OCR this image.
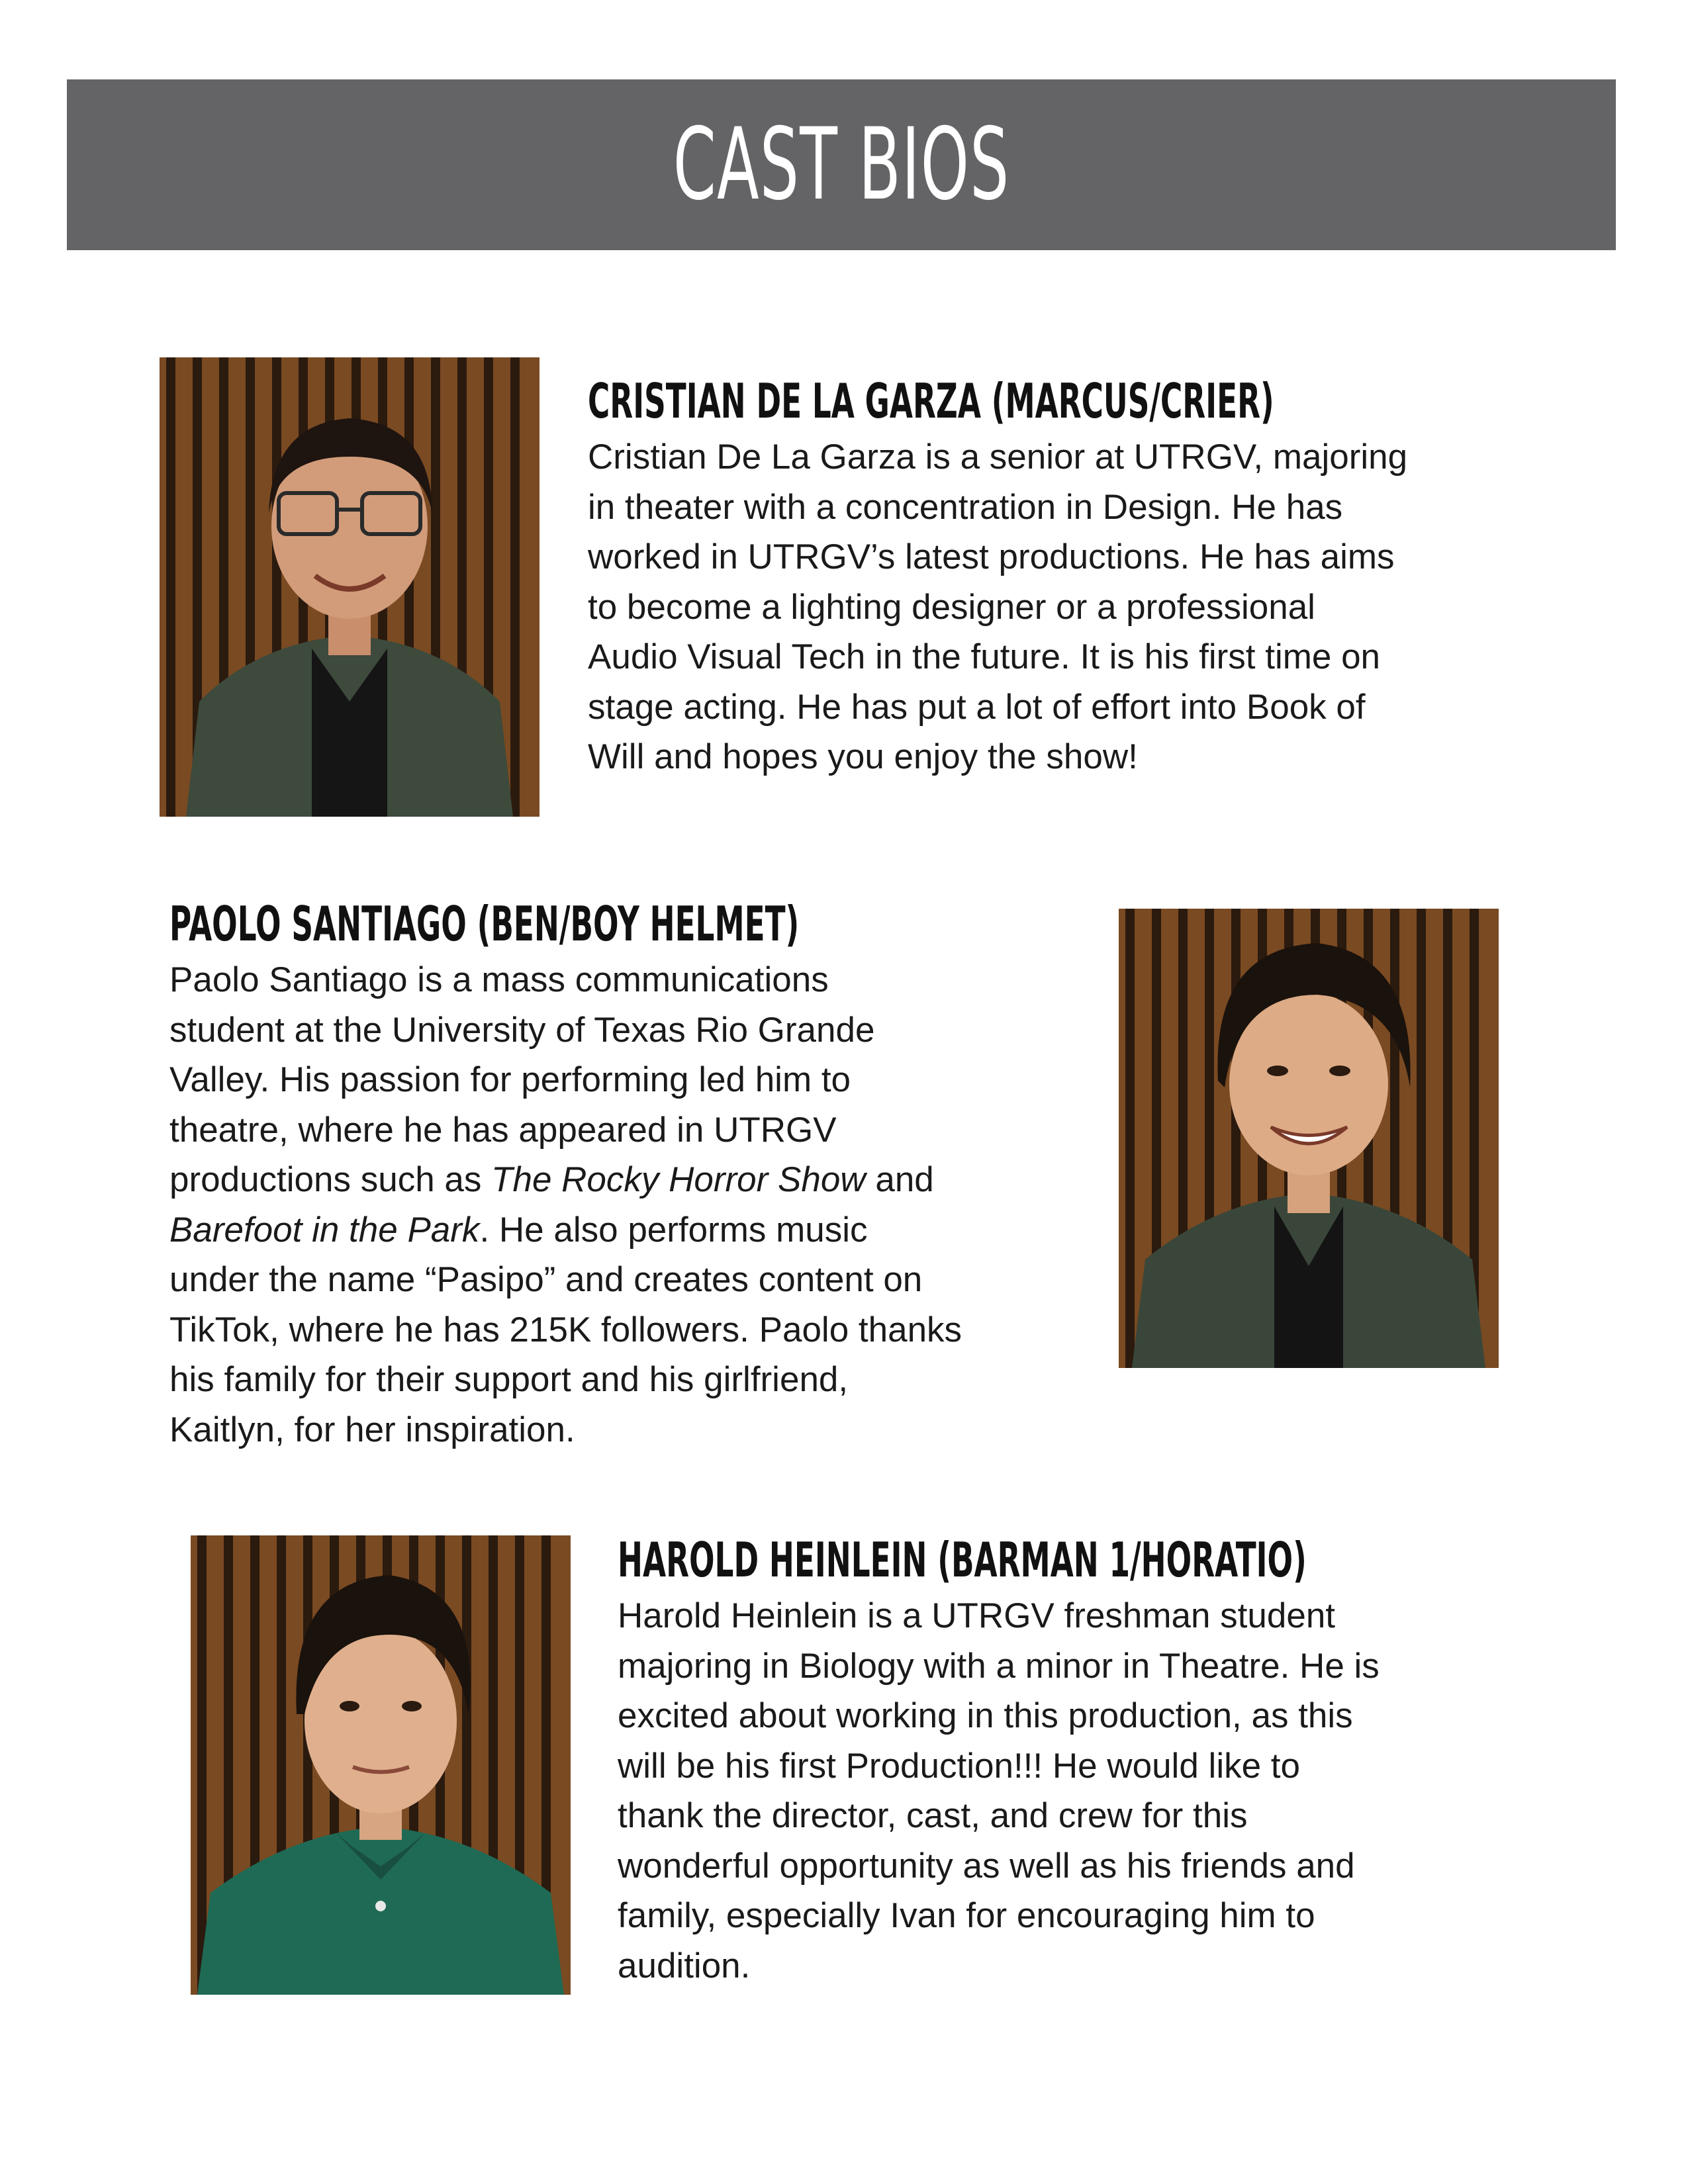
CAST BIOS
CRISTIAN DE LA GARZA (MARCUS/CRIER)

Cristian De La Garza is a senior at UTRGV, majoring
in theater with a concentration in Design. He has
worked in UTRGV’s latest productions. He has aims
to become a lighting designer or a professional
Audio Visual Tech in the future. It is his first time on
stage acting. He has put a lot of effort into Book of
Will and hopes you enjoy the show!

PAOLO SANTIAGO (BEN/BOY HELMET)

Paolo Santiago is a mass communications
student at the University of Texas Rio Grande
Valley. His passion for performing led him to
theatre, where he has appeared in UTRGV
productions such as The Rocky Horror Show and
Barefoot in the Park. He also performs music
under the name “Pasipo” and creates content on
TikTok, where he has 215K followers. Paolo thanks
his family for their support and his girlfriend,
Kaitlyn, for her inspiration.

HAROLD HEINLEIN (BARMAN 1/HORATIO)

Harold Heinlein is a UTRGV freshman student
majoring in Biology with a minor in Theatre. He is
excited about working in this production, as this
will be his first Production!!! He would like to
thank the director, cast, and crew for this
wonderful opportunity as well as his friends and
family, especially Ivan for encouraging him to
audition.
